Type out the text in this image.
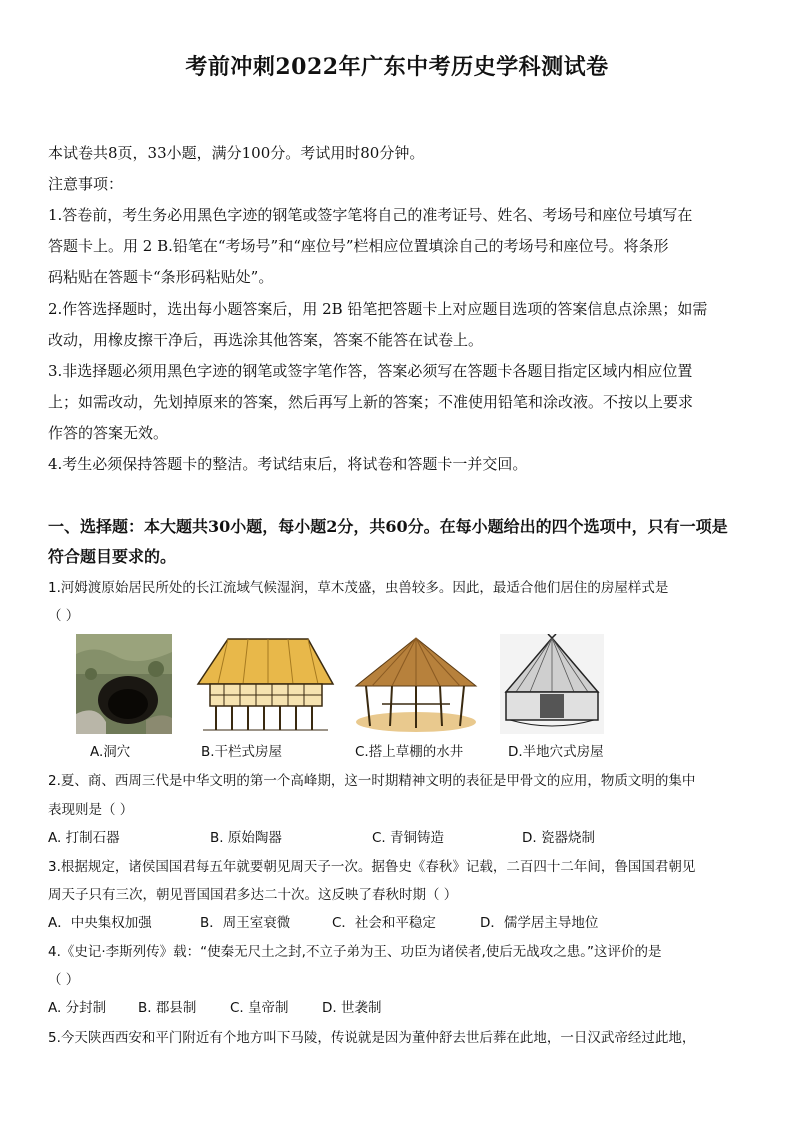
考前冲刺2022年广东中考历史学科测试卷
本试卷共8页，33小题，满分100分。考试用时80分钟。
注意事项：
1.答卷前，考生务必用黑色字迹的钢笔或签字笔将自己的准考证号、姓名、考场号和座位号填写在
答题卡上。用 2 B.铅笔在“考场号”和“座位号”栏相应位置填涂自己的考场号和座位号。将条形
码粘贴在答题卡“条形码粘贴处”。
2.作答选择题时，选出每小题答案后，用 2B 铅笔把答题卡上对应题目选项的答案信息点涂黑；如需
改动，用橡皮擦干净后，再选涂其他答案，答案不能答在试卷上。
3.非选择题必须用黑色字迹的钢笔或签字笔作答，答案必须写在答题卡各题目指定区域内相应位置
上；如需改动，先划掉原来的答案，然后再写上新的答案；不准使用铅笔和涂改液。不按以上要求
作答的答案无效。
4.考生必须保持答题卡的整洁。考试结束后，将试卷和答题卡一并交回。
一、选择题：本大题共30小题，每小题2分，共60分。在每小题给出的四个选项中，只有一项是
符合题目要求的。
1.河姆渡原始居民所处的长江流域气候湿润，草木茂盛，虫兽较多。因此，最适合他们居住的房屋样式是
（ ）
A.洞穴	B.干栏式房屋	C.搭上草棚的水井	D.半地穴式房屋
2.夏、商、西周三代是中华文明的第一个高峰期，这一时期精神文明的表征是甲骨文的应用，物质文明的集中
表现则是（ ）
A. 打制石器	B. 原始陶器	C. 青铜铸造	D. 瓷器烧制
3.根据规定，诸侯国国君每五年就要朝见周天子一次。据鲁史《春秋》记载，二百四十二年间，鲁国国君朝见
周天子只有三次，朝见晋国国君多达二十次。这反映了春秋时期（ ）
A．中央集权加强	B．周王室衰微	C．社会和平稳定	D．儒学居主导地位
4.《史记·李斯列传》载：“使秦无尺土之封,不立子弟为王、功臣为诸侯者,使后无战攻之患。”这评价的是
（ ）
A. 分封制 B. 郡县制 C. 皇帝制 D. 世袭制
5.今天陕西西安和平门附近有个地方叫下马陵，传说就是因为董仲舒去世后葬在此地，一日汉武帝经过此地，
